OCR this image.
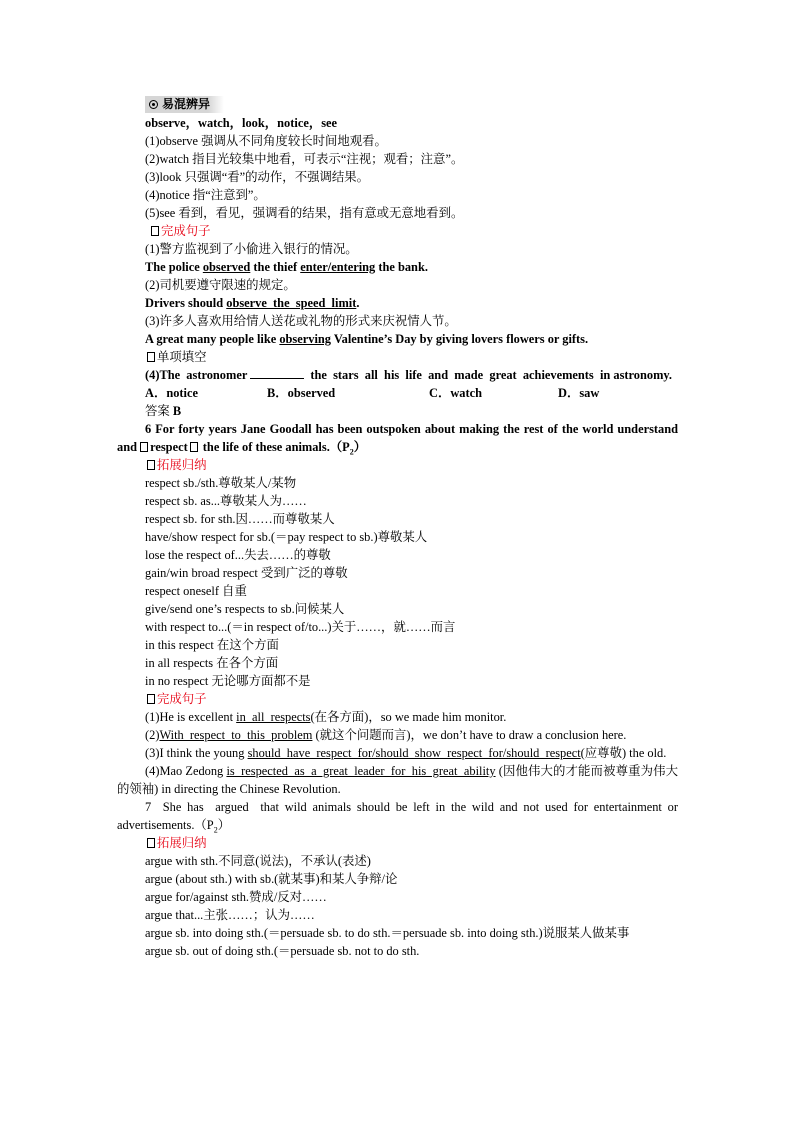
易混辨异
observe，watch，look，notice，see
(1)observe 强调从不同角度较长时间地观看。
(2)watch 指目光较集中地看，可表示“注视；观看；注意”。
(3)look 只强调“看”的动作，不强调结果。
(4)notice 指“注意到”。
(5)see 看到，看见，强调看的结果，指有意或无意地看到。
完成句子
(1)警方监视到了小偷进入银行的情况。
The police observed the thief enter/entering the bank.
(2)司机要遵守限速的规定。
Drivers should observe  the  speed  limit.
(3)许多人喜欢用给情人送花或礼物的形式来庆祝情人节。
A great many people like observing Valentine’s Day by giving lovers flowers or gifts.
单项填空
(4)The  astronomer	the  stars  all  his  life  and  made  great  achievements  in astronomy.
A．notice	B．observed	C．watch	D．saw
答案 B
6 For forty years Jane Goodall has been outspoken about making the rest of the world understand and respect the life of these $animals.(P_2)$
拓展归纳
respect sb./sth.尊敬某人/某物
respect sb. as...尊敬某人为……
respect sb. for sth.因……而尊敬某人
have/show respect for sb.(＝pay respect to sb.)尊敬某人
lose the respect of...失去……的尊敬
gain/win broad respect 受到广泛的尊敬
respect oneself 自重
give/send one’s respects to sb.问候某人
with respect to...(＝in respect of/to...)关于……，就……而言
in this respect 在这个方面
in all respects 在各个方面
in no respect 无论哪方面都不是
完成句子
(1)He is excellent in  all  respects(在各方面)，so we made him monitor.
(2)With  respect  to  this  problem (就这个问题而言)，we don’t have to draw a conclusion here.
(3)I think the young should  have  respect  for/should  show  respect  for/should  respect(应尊敬) the old.
(4)Mao Zedong is  respected  as  a  great  leader  for  his  great  ability (因他伟大的才能而被尊重为伟大的领袖) in directing the Chinese Revolution.
7  She has  argued  that wild animals should be left in the wild and not used for entertainment or $advertisements.(P_2)$
拓展归纳
argue with sth.不同意(说法)，不承认(表述)
argue (about sth.) with sb.(就某事)和某人争辩/论
argue for/against sth.赞成/反对……
argue that...主张……；认为……
argue sb. into doing sth.(＝persuade sb. to do sth.＝persuade sb. into doing sth.)说服某人做某事
argue sb. out of doing sth.(＝persuade sb. not to do sth.
